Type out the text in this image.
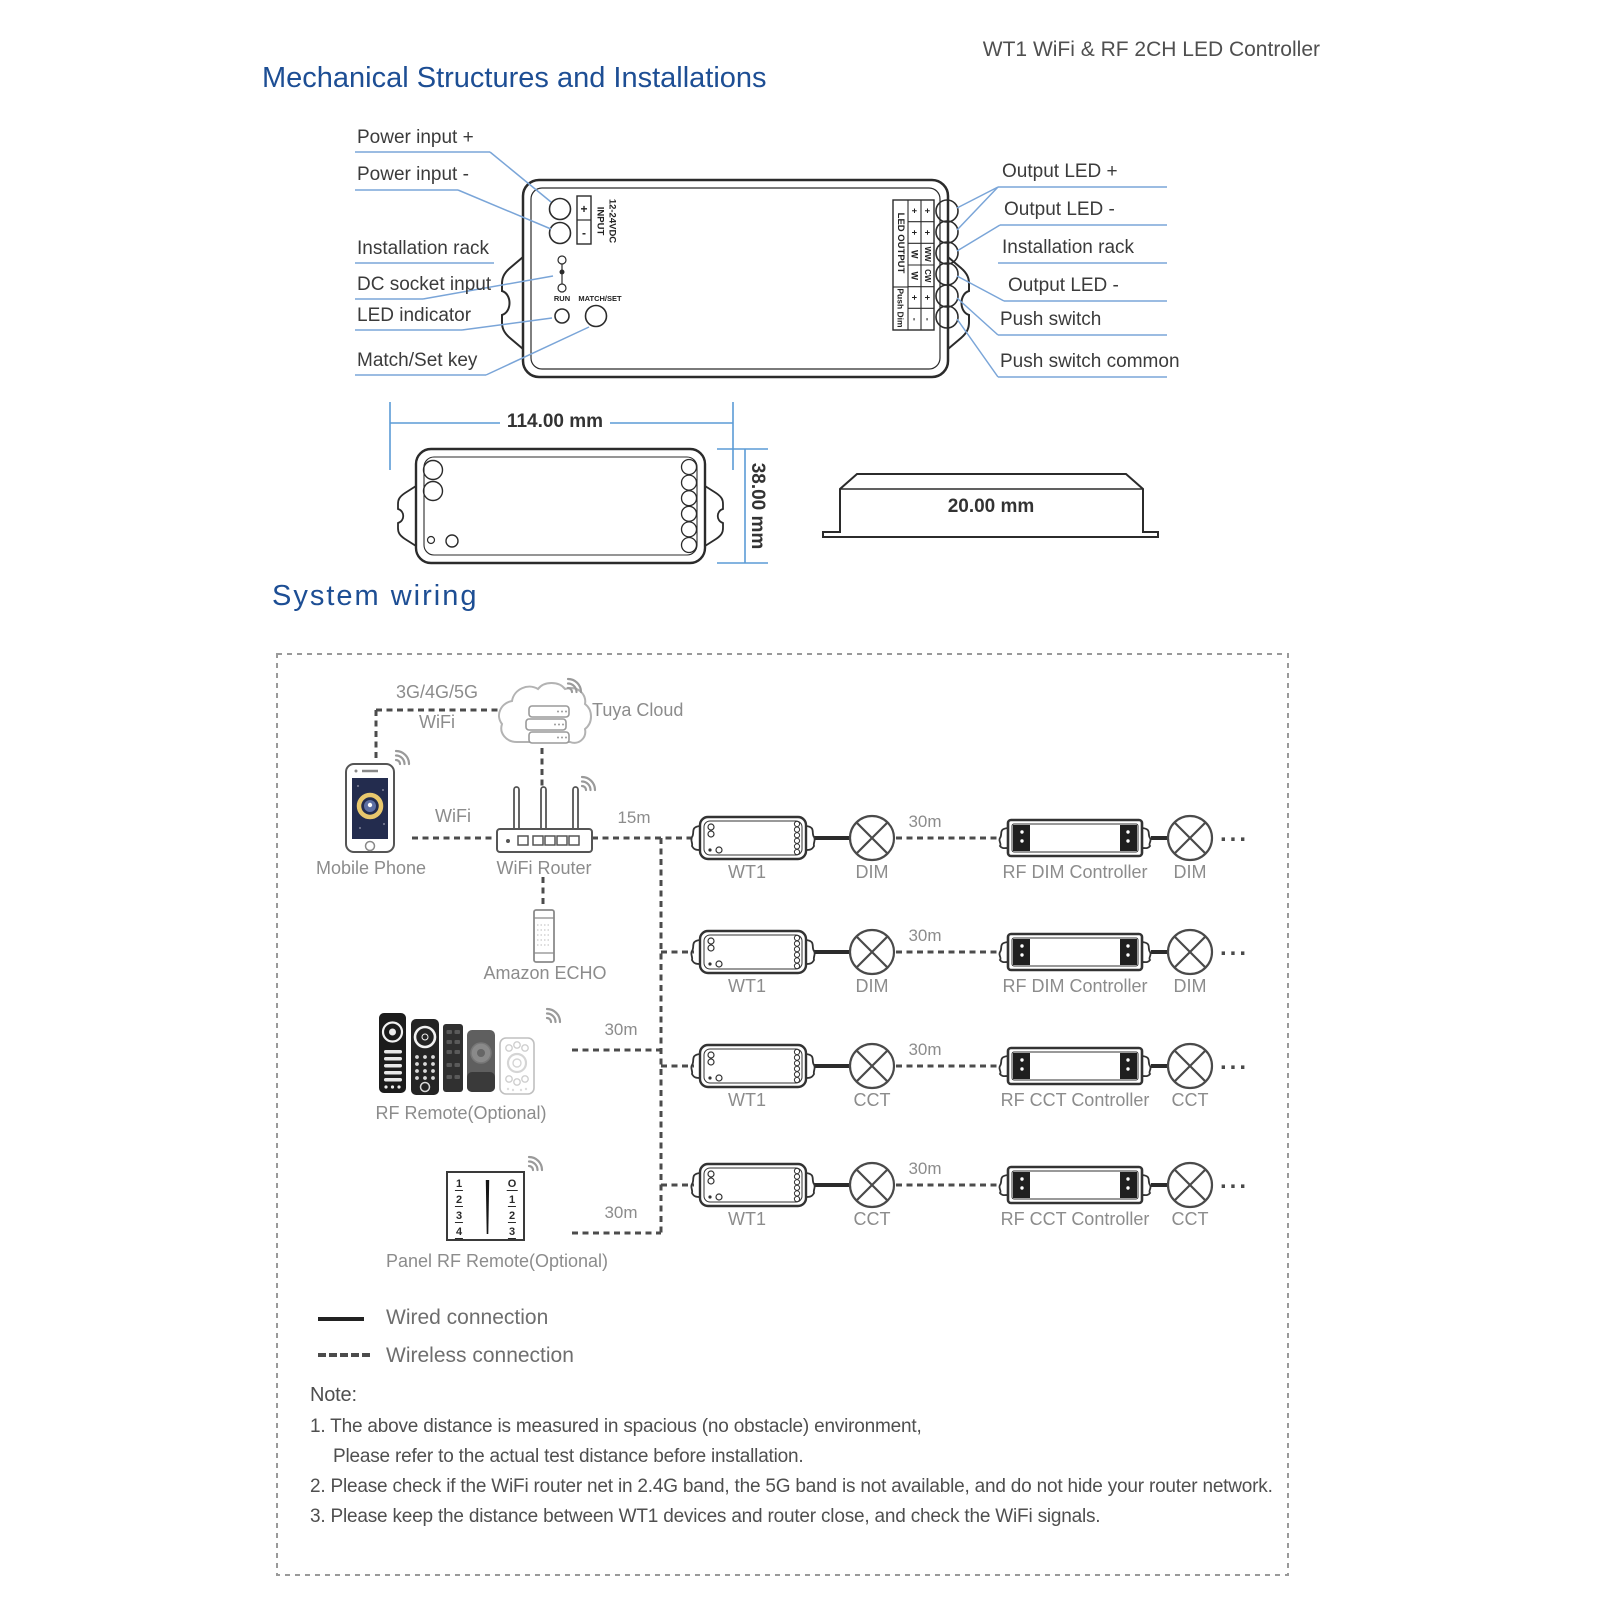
+
- INPUT 12-24VDC
RUN MATCH/SET
LED OUTPUT
Push Dim
+ +
+ +
W WW
W CW
+ +
- -
WT1 WiFi & RF 2CH LED Controller
Mechanical Structures and Installations
Power input +
Power input -
Installation rack
DC socket input
LED indicator
Match/Set key
Output LED +
Output LED -
Installation rack
Output LED -
Push switch
Push switch common
114.00 mm
38.00 mm	20.00 mm
System wiring
3G/4G/5G
WiFi
Tuya Cloud
WiFi
Mobile Phone	WiFi Router
15m
Amazon ECHO
RF Remote(Optional)
30m
Panel RF Remote(Optional)
30m
1
2
3
4
O
1
2
3
WT1	DIM
30m
RF DIM Controller DIM
...
WT1	DIM
30m
RF DIM Controller DIM
...
WT1	CCT
30m
RF CCT Controller CCT
...
WT1	CCT
30m
RF CCT Controller CCT
...
Wired connection
Wireless connection
Note:
1. The above distance is measured in spacious (no obstacle) environment,
Please refer to the actual test distance before installation.
2. Please check if the WiFi router net in 2.4G band, the 5G band is not available, and do not hide your router network.
3. Please keep the distance between WT1 devices and router close, and check the WiFi signals.
